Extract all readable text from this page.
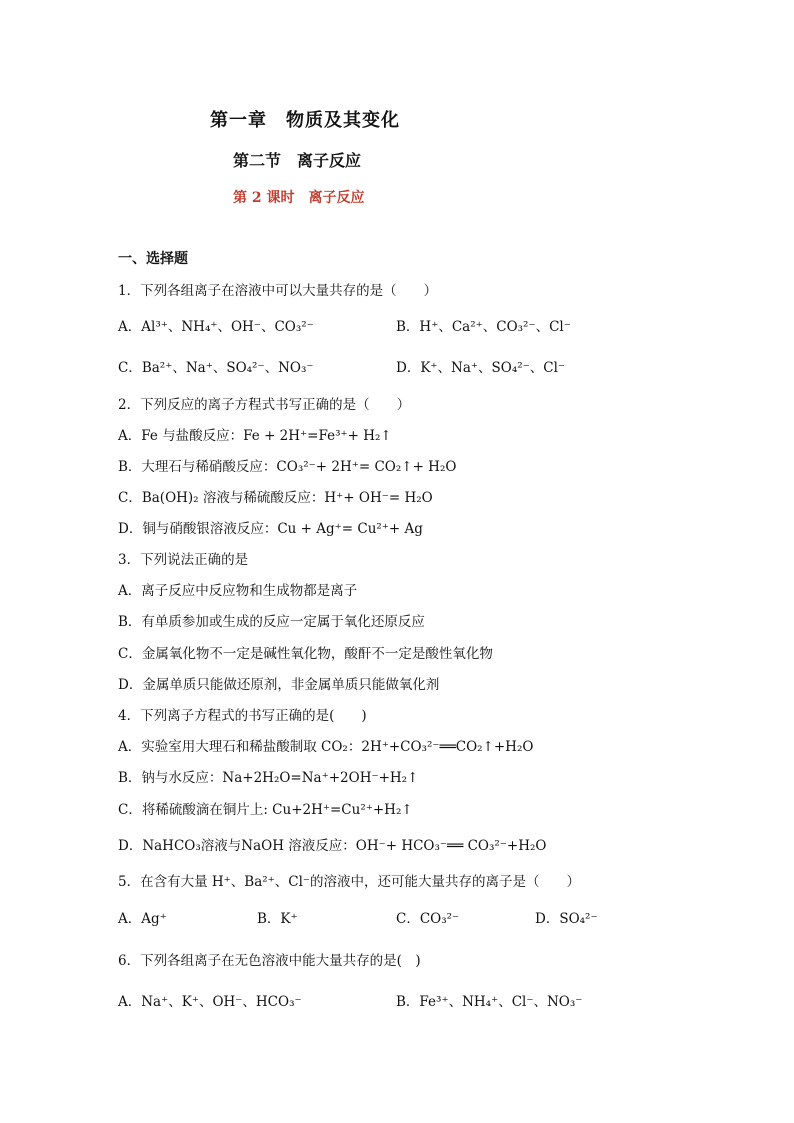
第一章　物质及其变化
第二节　离子反应
第 2 课时　离子反应
一、选择题
1．下列各组离子在溶液中可以大量共存的是（　　）
A．Al³⁺、NH₄⁺、OH⁻、CO₃²⁻	B．H⁺、Ca²⁺、CO₃²⁻、Cl⁻
C．Ba²⁺、Na⁺、SO₄²⁻、NO₃⁻	D．K⁺、Na⁺、SO₄²⁻、Cl⁻
2．下列反应的离子方程式书写正确的是（　　）
A．Fe 与盐酸反应：Fe + 2H⁺=Fe³⁺+ H₂↑
B．大理石与稀硝酸反应：CO₃²⁻+ 2H⁺= CO₂↑+ H₂O
C．Ba(OH)₂ 溶液与稀硫酸反应：H⁺+ OH⁻= H₂O
D．铜与硝酸银溶液反应：Cu + Ag⁺= Cu²⁺+ Ag
3．下列说法正确的是
A．离子反应中反应物和生成物都是离子
B．有单质参加或生成的反应一定属于氧化还原反应
C．金属氧化物不一定是碱性氧化物，酸酐不一定是酸性氧化物
D．金属单质只能做还原剂，非金属单质只能做氧化剂
4．下列离子方程式的书写正确的是(　　)
A．实验室用大理石和稀盐酸制取 CO₂：2H⁺+CO₃²⁻══CO₂↑+H₂O
B．钠与水反应：Na+2H₂O=Na⁺+2OH⁻+H₂↑
C．将稀硫酸滴在铜片上: Cu+2H⁺=Cu²⁺+H₂↑
D．NaHCO₃溶液与NaOH 溶液反应：OH⁻+ HCO₃⁻══ CO₃²⁻+H₂O
5．在含有大量 H⁺、Ba²⁺、Cl⁻的溶液中，还可能大量共存的离子是（　　）
A．Ag⁺	B．K⁺	C．CO₃²⁻	D．SO₄²⁻
6．下列各组离子在无色溶液中能大量共存的是(　)
A．Na⁺、K⁺、OH⁻、HCO₃⁻	B．Fe³⁺、NH₄⁺、Cl⁻、NO₃⁻
